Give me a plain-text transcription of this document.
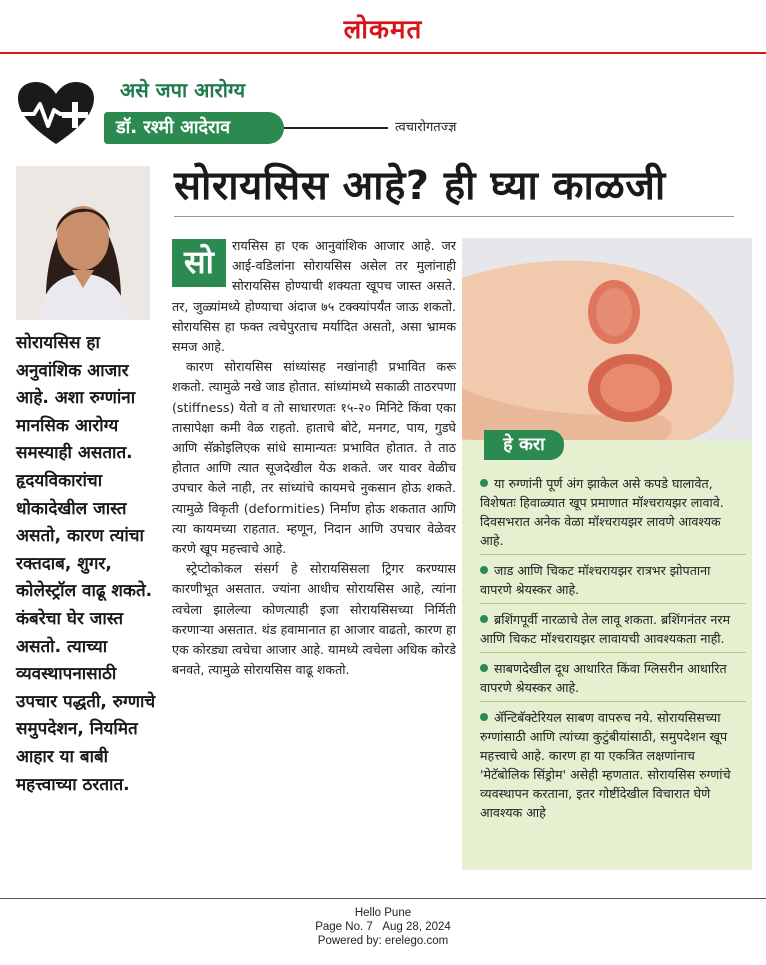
लोकमत
असे जपा आरोग्य
डॉ. रश्मी आदेराव	त्वचारोगतज्ज्ञ
सोरायसिस आहे? ही घ्या काळजी
सोरायसिस हा अनुवांशिक आजार आहे. अशा रुग्णांना मानसिक आरोग्य समस्याही असतात. हृदयविकारांचा धोकादेखील जास्त असतो, कारण त्यांचा रक्तदाब, शुगर, कोलेस्ट्रॉल वाढू शकते. कंबरेचा घेर जास्त असतो. त्याच्या व्यवस्थापनासाठी उपचार पद्धती, रुग्णाचे समुपदेशन, नियमित आहार या बाबी महत्त्वाच्या ठरतात.
सो	रायसिस हा एक आनुवांशिक आजार आहे. जर आई-वडिलांना सोरायसिस असेल तर मुलांनाही सोरायसिस होण्याची शक्यता खूपच जास्त असते. तर, जुळ्यांमध्ये होण्याचा अंदाज ७५ टक्क्यांपर्यंत जाऊ शकतो. सोरायसिस हा फक्त त्वचेपुरताच मर्यादित असतो, असा भ्रामक समज आहे.

कारण सोरायसिस सांध्यांसह नखांनाही प्रभावित करू शकतो. त्यामुळे नखे जाड होतात. सांध्यांमध्ये सकाळी ताठरपणा (stiffness) येतो व तो साधारणतः १५-२० मिनिटे किंवा एका तासापेक्षा कमी वेळ राहतो. हाताचे बोटे, मनगट, पाय, गुडघे आणि सॅक्रोइलिएक सांधे सामान्यतः प्रभावित होतात. ते ताठ होतात आणि त्यात सूजदेखील येऊ शकते. जर यावर वेळीच उपचार केले नाही, तर सांध्यांचे कायमचे नुकसान होऊ शकते. त्यामुळे विकृती (deformities) निर्माण होऊ शकतात आणि त्या कायमच्या राहतात. म्हणून, निदान आणि उपचार वेळेवर करणे खूप महत्त्वाचे आहे.

स्ट्रेप्टोकोकल संसर्ग हे सोरायसिसला ट्रिगर करण्यास कारणीभूत असतात. ज्यांना आधीच सोरायसिस आहे, त्यांना त्वचेला झालेल्या कोणत्याही इजा सोरायसिसच्या निर्मिती करणाऱ्या असतात. थंड हवामानात हा आजार वाढतो, कारण हा एक कोरड्या त्वचेचा आजार आहे. यामध्ये त्वचेला अधिक कोरडे बनवते, त्यामुळे सोरायसिस वाढू शकतो.

हे करा
या रुग्णांनी पूर्ण अंग झाकेल असे कपडे घालावेत, विशेषतः हिवाळ्यात खूप प्रमाणात मॉश्चरायझर लावावे. दिवसभरात अनेक वेळा मॉश्चरायझर लावणे आवश्यक आहे.
जाड आणि चिकट मॉश्चरायझर रात्रभर झोपताना वापरणे श्रेयस्कर आहे.
ब्रशिंगपूर्वी नारळाचे तेल लावू शकता. ब्रशिंगनंतर नरम आणि चिकट मॉश्चरायझर लावायची आवश्यकता नाही.
साबणदेखील दूध आधारित किंवा ग्लिसरीन आधारित वापरणे श्रेयस्कर आहे.
ॲन्टिबॅक्टेरियल साबण वापरुच नये. सोरायसिसच्या रुग्णांसाठी आणि त्यांच्या कुटुंबीयांसाठी, समुपदेशन खूप महत्त्वाचे आहे. कारण हा या एकत्रित लक्षणांनाच 'मेटॅबोलिक सिंड्रोम' असेही म्हणतात. सोरायसिस रुग्णांचे व्यवस्थापन करताना, इतर गोष्टींदेखील विचारात घेणे आवश्यक आहे
Hello Pune
Page No. 7 Aug 28, 2024
Powered by: erelego.com
